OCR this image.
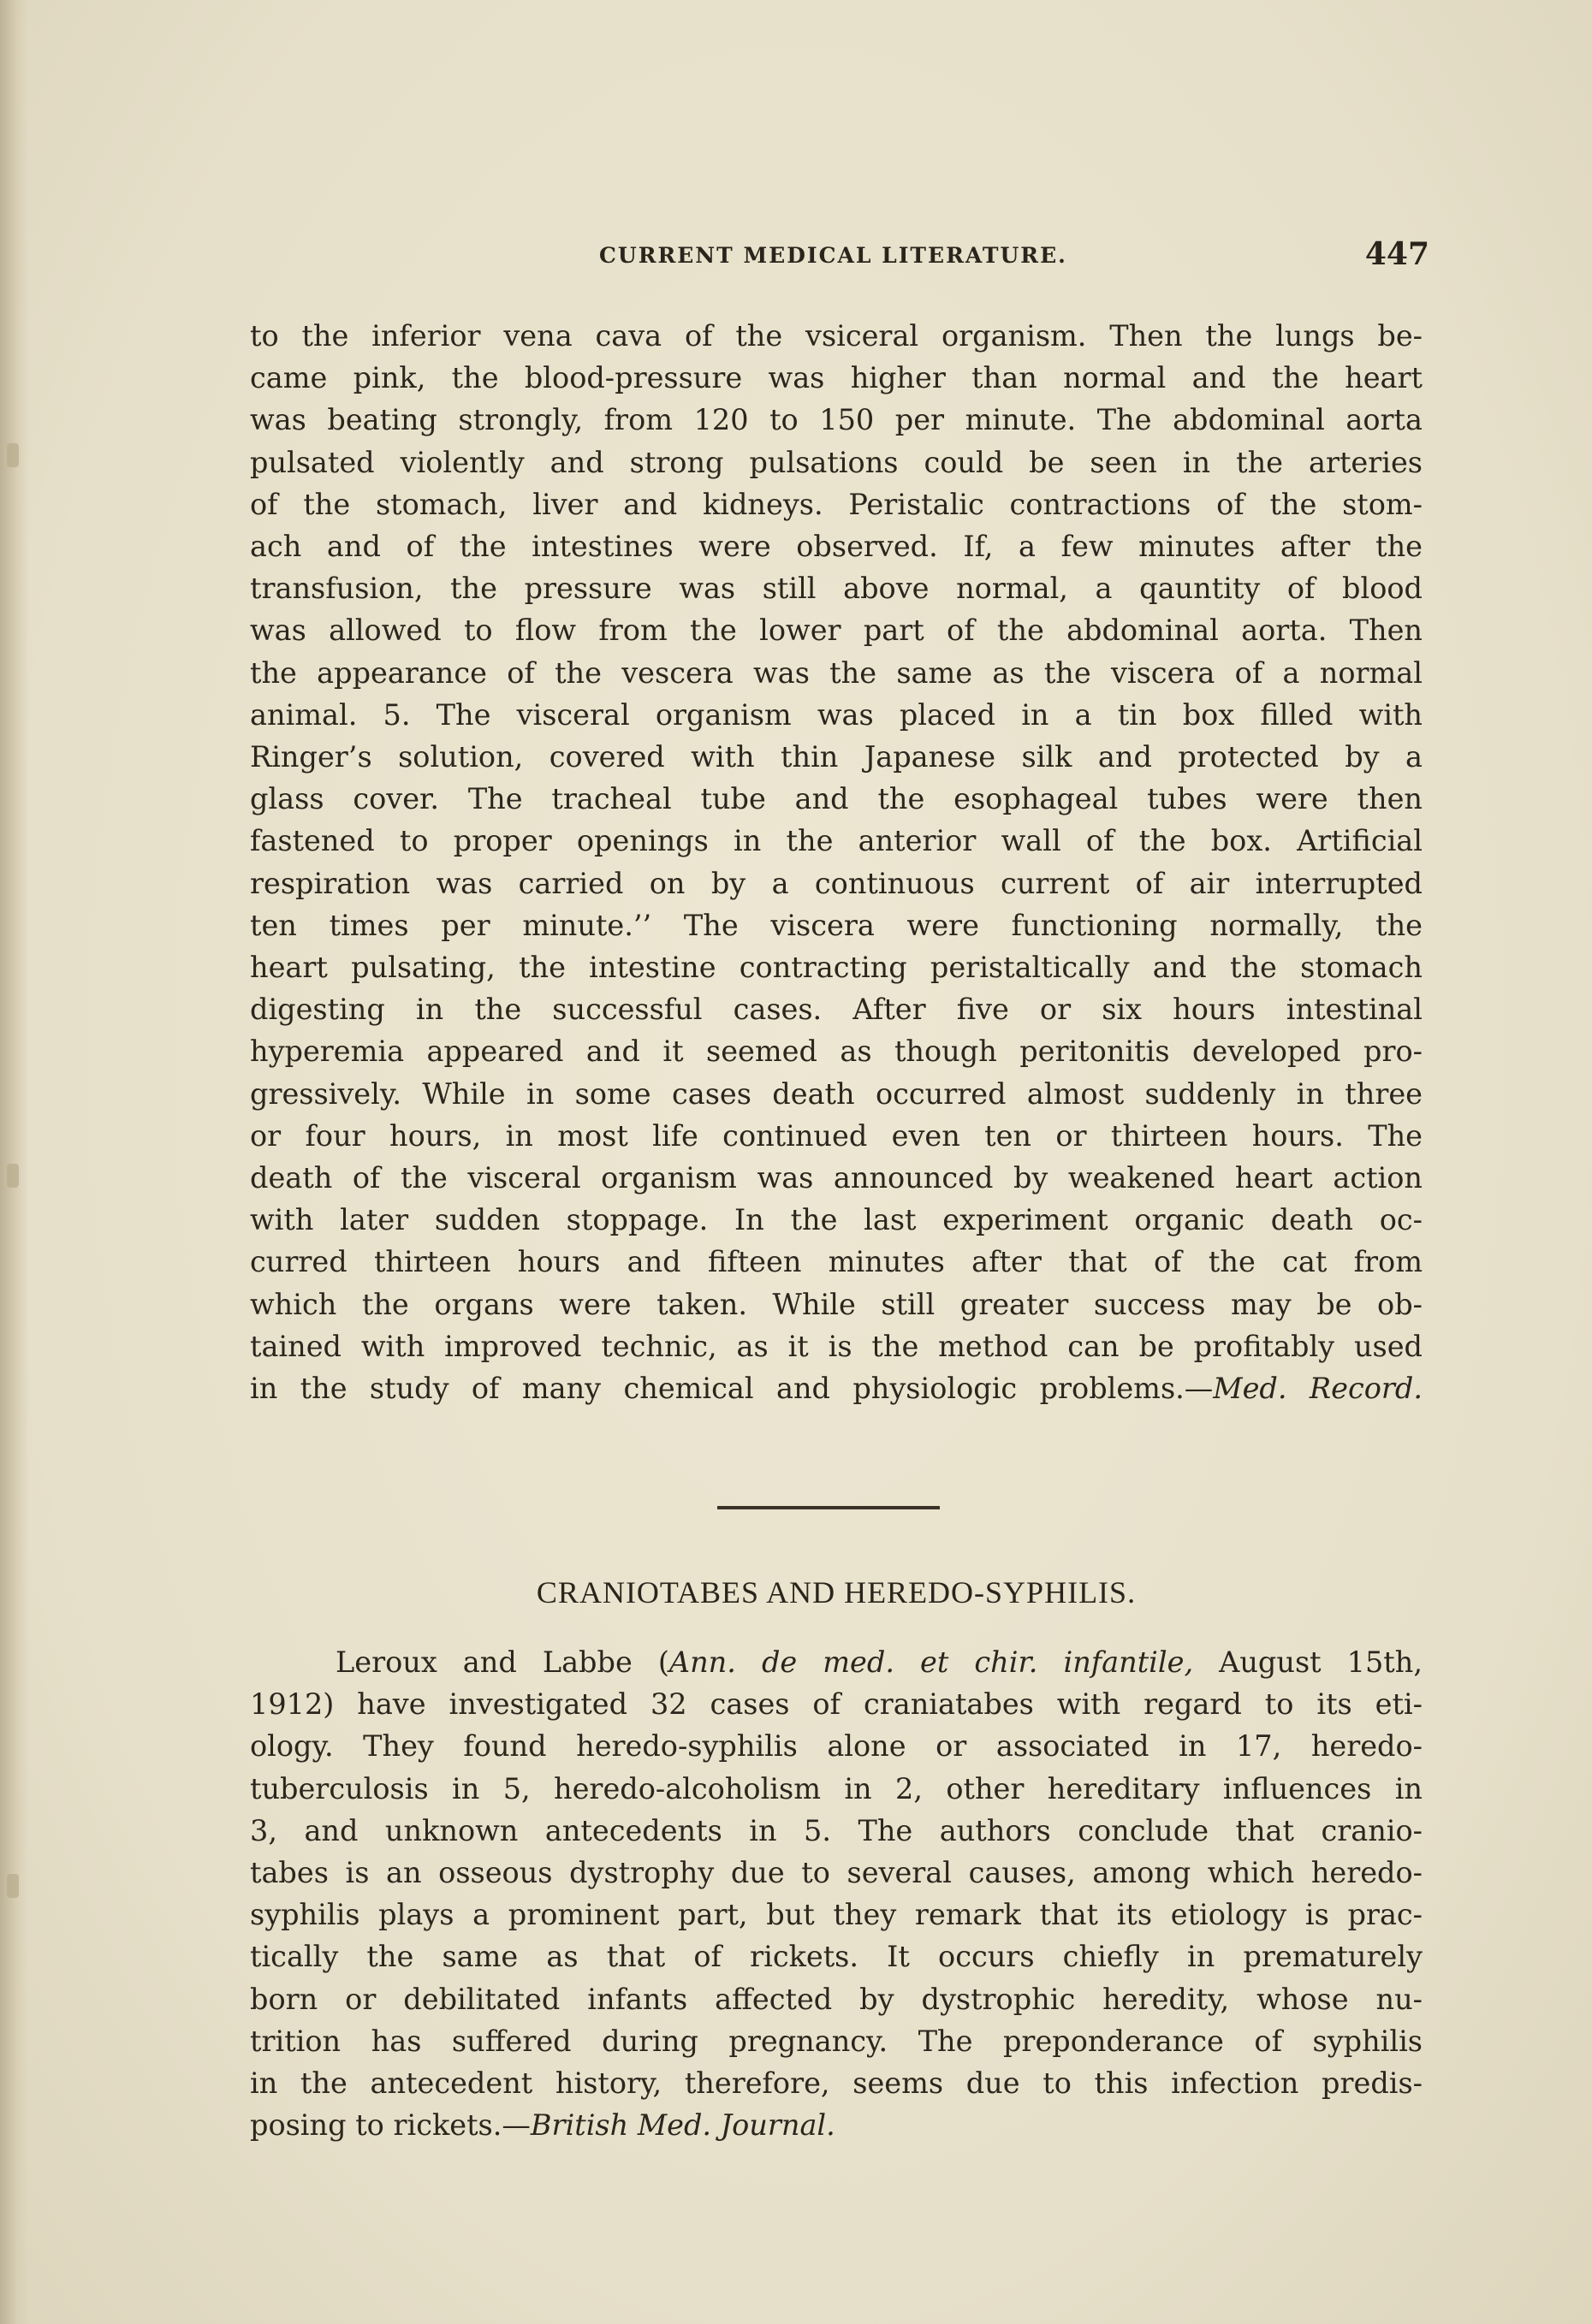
CURRENT MEDICAL LITERATURE.	447
to the inferior vena cava of the vsiceral organism. Then the lungs be-
came pink, the blood-pressure was higher than normal and the heart
was beating strongly, from 120 to 150 per minute. The abdominal aorta
pulsated violently and strong pulsations could be seen in the arteries
of the stomach, liver and kidneys. Peristalic contractions of the stom-
ach and of the intestines were observed. If, a few minutes after the
transfusion, the pressure was still above normal, a qauntity of blood
was allowed to flow from the lower part of the abdominal aorta. Then
the appearance of the vescera was the same as the viscera of a normal
animal. 5. The visceral organism was placed in a tin box filled with
Ringer’s solution, covered with thin Japanese silk and protected by a
glass cover. The tracheal tube and the esophageal tubes were then
fastened to proper openings in the anterior wall of the box. Artificial
respiration was carried on by a continuous current of air interrupted
ten times per minute.’’ The viscera were functioning normally, the
heart pulsating, the intestine contracting peristaltically and the stomach
digesting in the successful cases. After five or six hours intestinal
hyperemia appeared and it seemed as though peritonitis developed pro-
gressively. While in some cases death occurred almost suddenly in three
or four hours, in most life continued even ten or thirteen hours. The
death of the visceral organism was announced by weakened heart action
with later sudden stoppage. In the last experiment organic death oc-
curred thirteen hours and fifteen minutes after that of the cat from
which the organs were taken. While still greater success may be ob-
tained with improved technic, as it is the method can be profitably used
in the study of many chemical and physiologic problems.—Med. Record.
CRANIOTABES AND HEREDO-SYPHILIS.
Leroux and Labbe (Ann. de med. et chir. infantile, August 15th,
1912) have investigated 32 cases of craniatabes with regard to its eti-
ology. They found heredo-syphilis alone or associated in 17, heredo-
tuberculosis in 5, heredo-alcoholism in 2, other hereditary influences in
3, and unknown antecedents in 5. The authors conclude that cranio-
tabes is an osseous dystrophy due to several causes, among which heredo-
syphilis plays a prominent part, but they remark that its etiology is prac-
tically the same as that of rickets. It occurs chiefly in prematurely
born or debilitated infants affected by dystrophic heredity, whose nu-
trition has suffered during pregnancy. The preponderance of syphilis
in the antecedent history, therefore, seems due to this infection predis-
posing to rickets.—British Med. Journal.
